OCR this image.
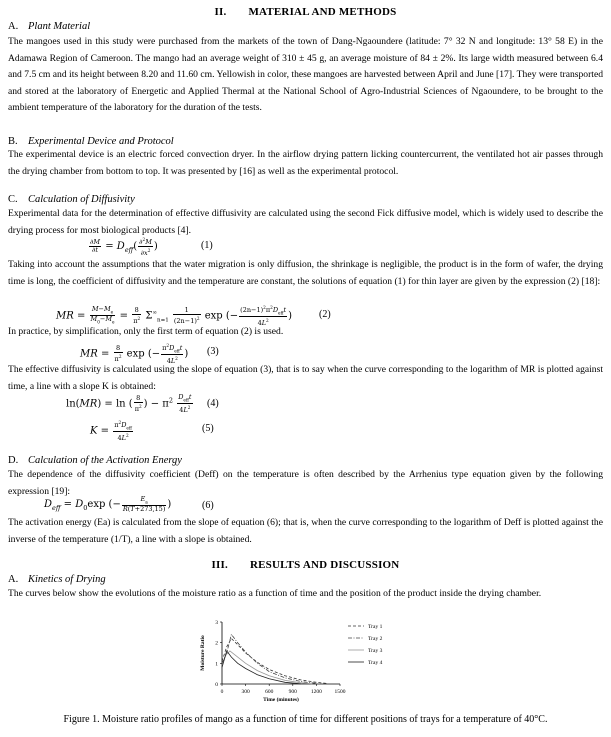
II. MATERIAL AND METHODS
A. Plant Material

The mangoes used in this study were purchased from the markets of the town of Dang-Ngaoundere (latitude: 7° 32 N and longitude: 13° 58 E) in the Adamawa Region of Cameroon. The mango had an average weight of 310 ± 45 g, an average moisture of 84 ± 2%. Its large width measured between 6.4 and 7.5 cm and its height between 8.20 and 11.60 cm. Yellowish in color, these mangoes are harvested between April and June [17]. They were transported and stored at the laboratory of Energetic and Applied Thermal at the National School of Agro-Industrial Sciences of Ngaoundere, to be brought to the ambient temperature of the laboratory for the duration of the tests.

B. Experimental Device and Protocol

The experimental device is an electric forced convection dryer. In the airflow drying pattern licking countercurrent, the ventilated hot air passes through the drying chamber from bottom to top. It was presented by [16] as well as the experimental protocol.

C. Calculation of Diffusivity

Experimental data for the determination of effective diffusivity are calculated using the second Fick diffusive model, which is widely used to describe the drying process for most biological products [4].

$\frac{\partial M}{\partial t} = D_{eff}( \frac{\partial^2M}{\partial x^2}$ )	(1)

Taking into account the assumptions that the water migration is only diffusion, the shrinkage is negligible, the product is in the form of wafer, the drying time is long, the coefficient of diffusivity and the temperature are constant, the solutions of equation (1) for thin layer are given by the expression (2) [18]:

MR = $\frac{M-M_e}{M_0-M_e} = \frac{8}{\pi^2} \Sigma^\infty_{n=1} \frac{1}{(2n-1)^2}$ exp (− $\frac{(2n-1)^2\pi^2D_{eff}t}{4L^2}$ )	(2)

In practice, by simplification, only the first term of equation (2) is used.

MR = $\frac{8}{\pi^2}$ exp (− $\frac{\pi^2D_{eff}t}{4L^2}$ ) (3)

The effective diffusivity is calculated using the slope of equation (3), that is to say when the curve corresponding to the logarithm of MR is plotted against time, a line with a slope K is obtained:

ln(MR) = ln ( $\frac{8}{\pi^2}$ ) − $\pi^2 \frac{D_{eff}t}{4L^2} (4)$
$K = \frac{\pi^2D_{eff}}{4L^2}$	(5)
D. Calculation of the Activation Energy

The dependence of the diffusivity coefficient (Deff) on the temperature is often described by the Arrhenius type equation given by the following expression [19]:

$D_{eff} = D_0\exp$ (− $\frac{E_a}{R(T+273,15)}$ )	(6)

The activation energy (Ea) is calculated from the slope of equation (6); that is, when the curve corresponding to the logarithm of Deff is plotted against the inverse of the temperature (1/T), a line with a slope is obtained.

III. RESULTS AND DISCUSSION
A. Kinetics of Drying

The curves below show the evolutions of the moisture ratio as a function of time and the position of the product inside the drying chamber.

0	300	600	900	1200 1500
0
1
2
3
Time (minutes)
Moisture Ratio
Tray 1
Tray 2
Tray 3
Tray 4
Figure 1. Moisture ratio profiles of mango as a function of time for different positions of trays for a temperature of 40°C.
